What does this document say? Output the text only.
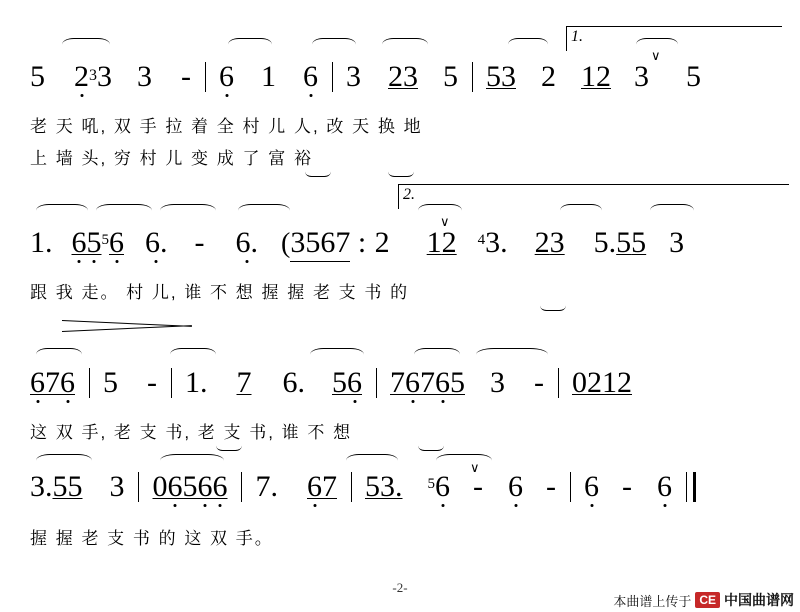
1.
∨
5 $2^33$ 3 - 6 1 6 3 23 5 53 2 12 3 5
老 天 吼, 双 手 拉 着 全 村 儿 人, 改 天 换 地
上 墙 头, 穷 村 儿 变 成 了 富 裕
2.
∨
1. $65^56$ 6. - 6. (3567 : 2 12 $^4$3. 23 5.55 3
跟 我 走。 村 儿, 谁 不 想 握 握 老 支 书 的
676 5 - 1. 7 6. 56 76765 3 - 0212
这 双 手, 老 支 书, 老 支 书, 谁 不 想
∨
3.55 3 06566 7. 67 53. $^5$6 - 6 - 6 - 6
握 握 老 支 书 的 这 双 手。
-2-
本曲谱上传于 CE 中国曲谱网
